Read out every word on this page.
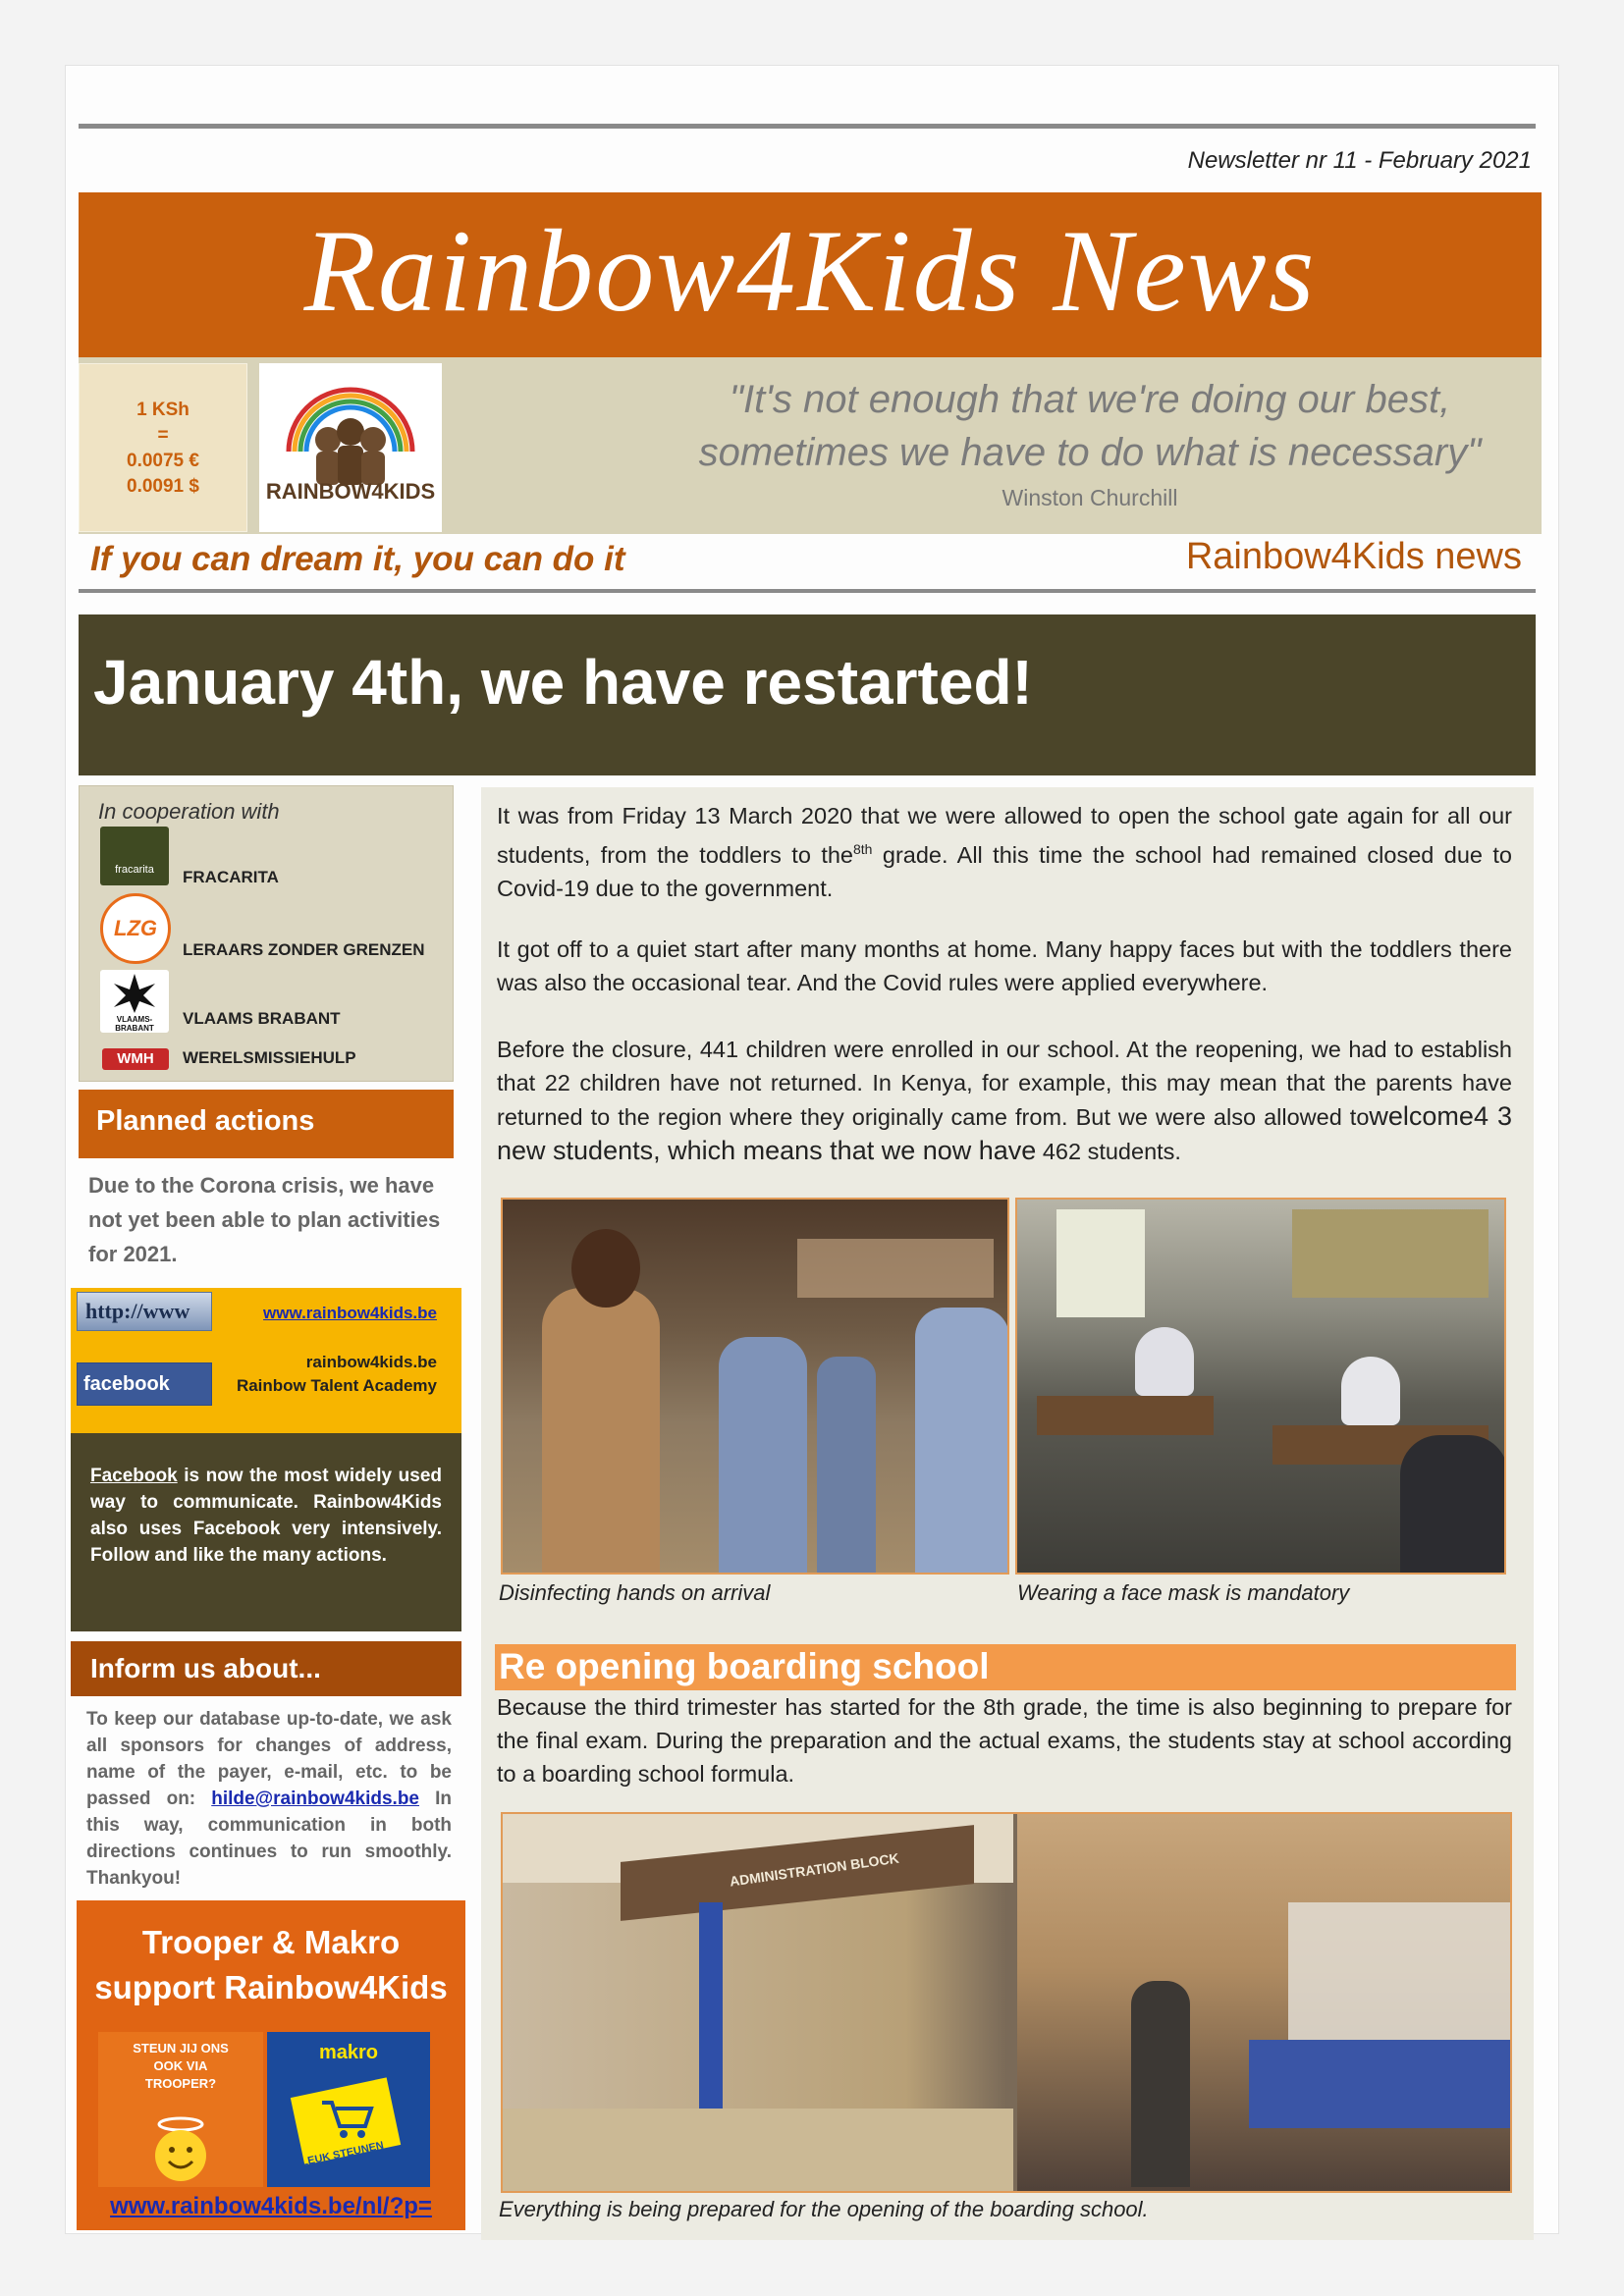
Newsletter nr 11 - February 2021
Rainbow4Kids News
1 KSh
=
0.0075 €
0.0091 $	RAINBOW4KIDS
"It's not enough that we're doing our best,
sometimes we have to do what is necessary"
Winston Churchill
If you can dream it, you can do it	Rainbow4Kids news
January 4th, we have restarted!
In cooperation with
fracarita	FRACARITA
LZG
LERAARS ZONDER GRENZEN
VLAAMS-BRABANT
VLAAMS BRABANT
WMH	WERELSMISSIEHULP
Planned actions
Due to the Corona crisis, we have not yet been able to plan activities for 2021.
http://www
facebook
www.rainbow4kids.be
rainbow4kids.be
Rainbow Talent Academy
Facebook is now the most widely used way to communicate. Rainbow4Kids also uses Facebook very intensively. Follow and like the many actions.
Inform us about...
To keep our database up-to-date, we ask all sponsors for changes of address, name of the payer, e-mail, etc. to be passed on: hilde@rainbow4kids.be In this way, communication in both directions continues to run smoothly. Thankyou!
Trooper & Makro
support Rainbow4Kids
STEUN JIJ ONS OOK VIA TROOPER?
makro
LEUK STEUNEN
www.rainbow4kids.be/nl/?p=
It was from Friday 13 March 2020 that we were allowed to open the school gate again for all our students, from the toddlers to the$^{8th}$ grade. All this time the school had remained closed due to Covid-19 due to the government.
It got off to a quiet start after many months at home. Many happy faces but with the toddlers there was also the occasional tear. And the Covid rules were applied everywhere.
Before the closure, 441 children were enrolled in our school. At the reopening, we had to establish that 22 children have not returned. In Kenya, for example, this may mean that the parents have returned to the region where they originally came from. But we were also allowed towelcome4 3 new students, which means that we now have 462 students.
Disinfecting hands on arrival	Wearing a face mask is mandatory
Re opening boarding school
Because the third trimester has started for the 8th grade, the time is also beginning to prepare for the final exam. During the preparation and the actual exams, the students stay at school according to a boarding school formula.
ADMINISTRATION BLOCK
Everything is being prepared for the opening of the boarding school.
